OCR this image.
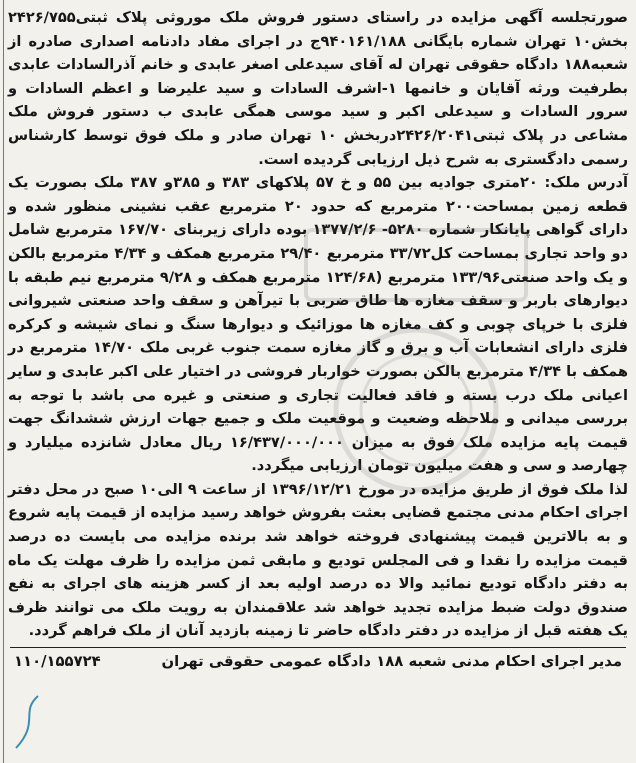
صورتجلسه آگهی مزایده در راستای دستور فروش ملک موروثی پلاک ثبتی۲۴۲۶/۷۵۵ بخش۱۰ تهران شماره بایگانی ۹۴۰۱۶۱/۱۸۸ج در اجرای مفاد دادنامه اصداری صادره از شعبه۱۸۸ دادگاه حقوقی تهران له آقای سیدعلی اصغر عابدی و خانم آذرالسادات عابدی بطرفیت ورثه آقایان و خانمها ۱-اشرف السادات و سید علیرضا و اعظم السادات و سرور السادات و سیدعلی اکبر و سید موسی همگی عابدی ب دستور فروش ملک مشاعی در پلاک ثبتی۲۴۲۶/۲۰۴۱دربخش ۱۰ تهران صادر و ملک فوق توسط کارشناس رسمی دادگستری به شرح ذیل ارزیابی گردیده است.

آدرس ملک: ۲۰متری جوادیه بین ۵۵ و خ ۵۷ پلاکهای ۳۸۳ و ۳۸۵و ۳۸۷ ملک بصورت یک قطعه زمین بمساحت۲۰۰ مترمربع که حدود ۲۰ مترمربع عقب نشینی منظور شده و دارای گواهی پایانکار شماره ۵۲۸۰- ۱۳۷۷/۲/۶ بوده دارای زیربنای ۱۶۷/۷۰ مترمربع شامل دو واحد تجاری بمساحت کل۳۳/۷۲ مترمربع ۲۹/۴۰ مترمربع همکف و ۴/۳۴ مترمربع بالکن و یک واحد صنعتی۱۳۳/۹۶ مترمربع (۱۲۴/۶۸ مترمربع همکف و ۹/۲۸ مترمربع نیم طبقه با دیوارهای باربر و سقف مغازه ها طاق ضربی با تیرآهن و سقف واحد صنعتی شیروانی فلزی با خرپای چوبی و کف مغازه ها موزائیک و دیوارها سنگ و نمای شیشه و کرکره فلزی دارای انشعابات آب و برق و گاز مغازه سمت جنوب غربی ملک ۱۴/۷۰ مترمربع در همکف با ۴/۳۴ مترمربع بالکن بصورت خواربار فروشی در اختیار علی اکبر عابدی و سایر اعیانی ملک درب بسته و فاقد فعالیت تجاری و صنعتی و غیره می باشد با توجه به بررسی میدانی و ملاحظه وضعیت و موقعیت ملک و جمیع جهات ارزش ششدانگ جهت قیمت پایه مزایده ملک فوق به میزان ۱۶/۴۳۷/۰۰۰/۰۰۰ ریال معادل شانزده میلیارد و چهارصد و سی و هفت میلیون تومان ارزیابی میگردد.

لذا ملک فوق از طریق مزایده در مورخ ۱۳۹۶/۱۲/۲۱ از ساعت ۹ الی۱۰ صبح در محل دفتر اجرای احکام مدنی مجتمع قضایی بعثت بفروش خواهد رسید مزایده از قیمت پایه شروع و به بالاترین قیمت پیشنهادی فروخته خواهد شد برنده مزایده می بایست ده درصد قیمت مزایده را نقدا و فی المجلس تودیع و مابقی ثمن مزایده را ظرف مهلت یک ماه به دفتر دادگاه تودیع نمائید والا ده درصد اولیه بعد از کسر هزینه های اجرای به نفع صندوق دولت ضبط مزایده تجدید خواهد شد علاقمندان به رویت ملک می توانند ظرف یک هفته قبل از مزایده در دفتر دادگاه حاضر تا زمینه بازدید آنان از ملک فراهم گردد.

مدیر اجرای احکام مدنی شعبه ۱۸۸ دادگاه عمومی حقوقی تهران
۱۱۰/۱۵۵۷۲۴
